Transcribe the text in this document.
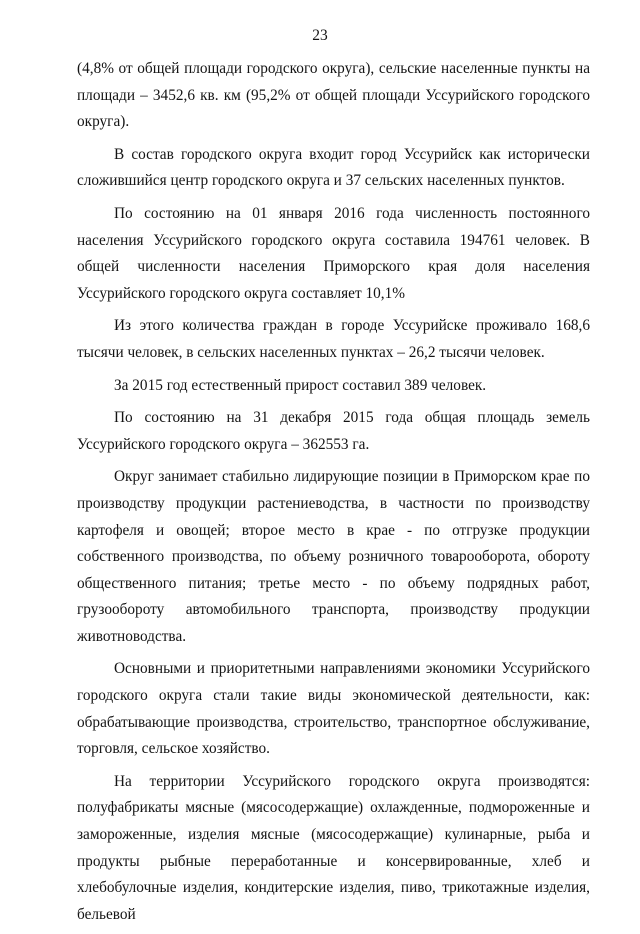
23

(4,8% от общей площади городского округа), сельские населенные пункты на площади – 3452,6 кв. км (95,2% от общей площади Уссурийского городского округа).

В состав городского округа входит город Уссурийск как исторически сложившийся центр городского округа и 37 сельских населенных пунктов.

По состоянию на 01 января 2016 года численность постоянного населения Уссурийского городского округа составила 194761 человек. В общей численности населения Приморского края доля населения Уссурийского городского округа составляет 10,1%

Из этого количества граждан в городе Уссурийске проживало 168,6 тысячи человек, в сельских населенных пунктах – 26,2 тысячи человек.

За 2015 год естественный прирост составил 389 человек.

По состоянию на 31 декабря 2015 года общая площадь земель Уссурийского городского округа – 362553 га.

Округ занимает стабильно лидирующие позиции в Приморском крае по производству продукции растениеводства, в частности по производству картофеля и овощей; второе место в крае - по отгрузке продукции собственного производства, по объему розничного товарооборота, обороту общественного питания; третье место - по объему подрядных работ, грузообороту автомобильного транспорта, производству продукции животноводства.

Основными и приоритетными направлениями экономики Уссурийского городского округа стали такие виды экономической деятельности, как: обрабатывающие производства, строительство, транспортное обслуживание, торговля, сельское хозяйство.

На территории Уссурийского городского округа производятся: полуфабрикаты мясные (мясосодержащие) охлажденные, подмороженные и замороженные, изделия мясные (мясосодержащие) кулинарные, рыба и продукты рыбные переработанные и консервированные, хлеб и хлебобулочные изделия, кондитерские изделия, пиво, трикотажные изделия, бельевой
